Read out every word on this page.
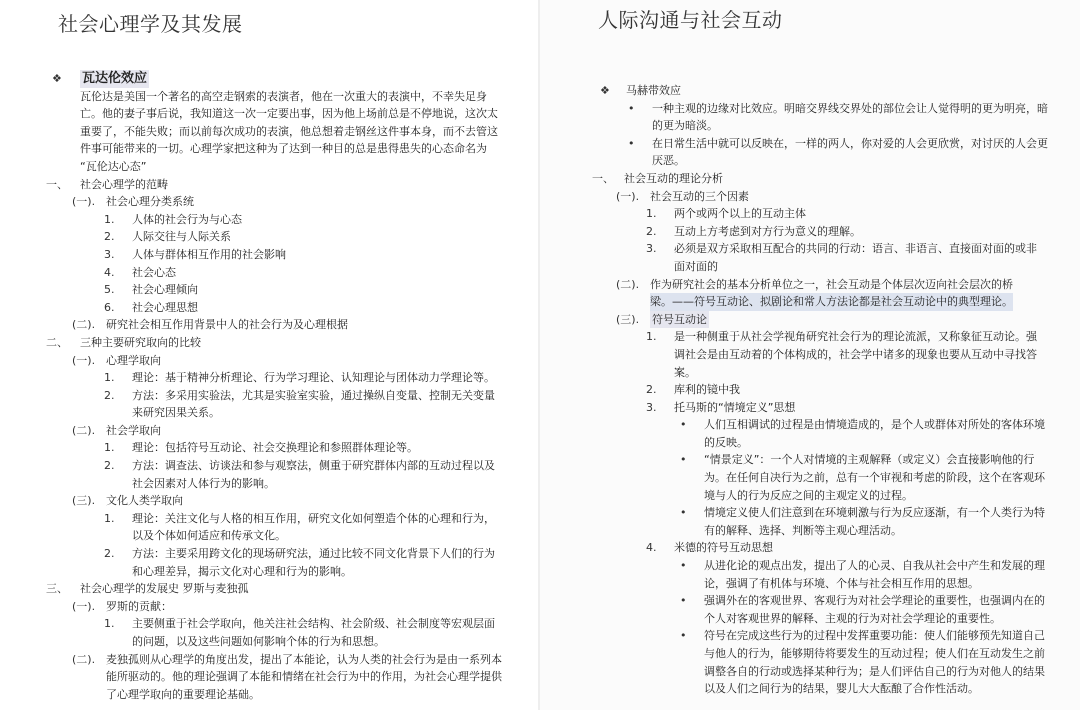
社会心理学及其发展
❖	瓦达伦效应
瓦伦达是美国一个著名的高空走钢索的表演者，他在一次重大的表演中，不幸失足身
亡。他的妻子事后说，我知道这一次一定要出事，因为他上场前总是不停地说，这次太
重要了，不能失败；而以前每次成功的表演，他总想着走钢丝这件事本身，而不去管这
件事可能带来的一切。心理学家把这种为了达到一种目的总是患得患失的心态命名为
“瓦伦达心态”
一、	社会心理学的范畴
(一). 社会心理分类系统
1.	人体的社会行为与心态
2.	人际交往与人际关系
3.	人体与群体相互作用的社会影响
4.	社会心态
5.	社会心理倾向
6.	社会心理思想
(二). 研究社会相互作用背景中人的社会行为及心理根据
二、	三种主要研究取向的比较
(一). 心理学取向
1.	理论：基于精神分析理论、行为学习理论、认知理论与团体动力学理论等。
2.	方法：多采用实验法，尤其是实验室实验，通过操纵自变量、控制无关变量
来研究因果关系。
(二). 社会学取向
1.	理论：包括符号互动论、社会交换理论和参照群体理论等。
2.	方法：调查法、访谈法和参与观察法，侧重于研究群体内部的互动过程以及
社会因素对人体行为的影响。
(三). 文化人类学取向
1.	理论：关注文化与人格的相互作用，研究文化如何塑造个体的心理和行为，
以及个体如何适应和传承文化。
2.	方法：主要采用跨文化的现场研究法，通过比较不同文化背景下人们的行为
和心理差异，揭示文化对心理和行为的影响。
三、	社会心理学的发展史 罗斯与麦独孤
(一). 罗斯的贡献：
1.	主要侧重于社会学取向，他关注社会结构、社会阶级、社会制度等宏观层面
的问题，以及这些问题如何影响个体的行为和思想。
(二). 麦独孤则从心理学的角度出发，提出了本能论，认为人类的社会行为是由一系列本
能所驱动的。他的理论强调了本能和情绪在社会行为中的作用，为社会心理学提供
了心理学取向的重要理论基础。
人际沟通与社会互动
❖	马赫带效应
•	一种主观的边缘对比效应。明暗交界线交界处的部位会让人觉得明的更为明亮，暗
的更为暗淡。
•	在日常生活中就可以反映在，一样的两人，你对爱的人会更欣赏，对讨厌的人会更
厌恶。
一、 社会互动的理论分析
(一). 社会互动的三个因素
1.	两个或两个以上的互动主体
2.	互动上方考虑到对方行为意义的理解。
3.	必须是双方采取相互配合的共同的行动：语言、非语言、直接面对面的或非
面对面的
(二). 作为研究社会的基本分析单位之一，社会互动是个体层次迈向社会层次的桥
梁。——符号互动论、拟剧论和常人方法论都是社会互动论中的典型理论。
(三).	符号互动论
1.	是一种侧重于从社会学视角研究社会行为的理论流派，又称象征互动论。强
调社会是由互动着的个体构成的，社会学中诸多的现象也要从互动中寻找答
案。
2.	库利的镜中我
3.	托马斯的“情境定义”思想
•	人们互相调试的过程是由情境造成的，是个人或群体对所处的客体环境
的反映。
•	“情景定义”：一个人对情境的主观解释（或定义）会直接影响他的行
为。在任何自决行为之前，总有一个审视和考虑的阶段，这个在客观环
境与人的行为反应之间的主观定义的过程。
•	情境定义使人们注意到在环境刺激与行为反应逐渐，有一个人类行为特
有的解释、选择、判断等主观心理活动。
4.	米德的符号互动思想
•	从进化论的观点出发，提出了人的心灵、自我从社会中产生和发展的理
论，强调了有机体与环境、个体与社会相互作用的思想。
•	强调外在的客观世界、客观行为对社会学理论的重要性，也强调内在的
个人对客观世界的解释、主观的行为对社会学理论的重要性。
•	符号在完成这些行为的过程中发挥重要功能：使人们能够预先知道自己
与他人的行为，能够期待将要发生的互动过程；使人们在互动发生之前
调整各自的行动或选择某种行为；是人们评估自己的行为对他人的结果
以及人们之间行为的结果，婴儿大大酝酿了合作性活动。
